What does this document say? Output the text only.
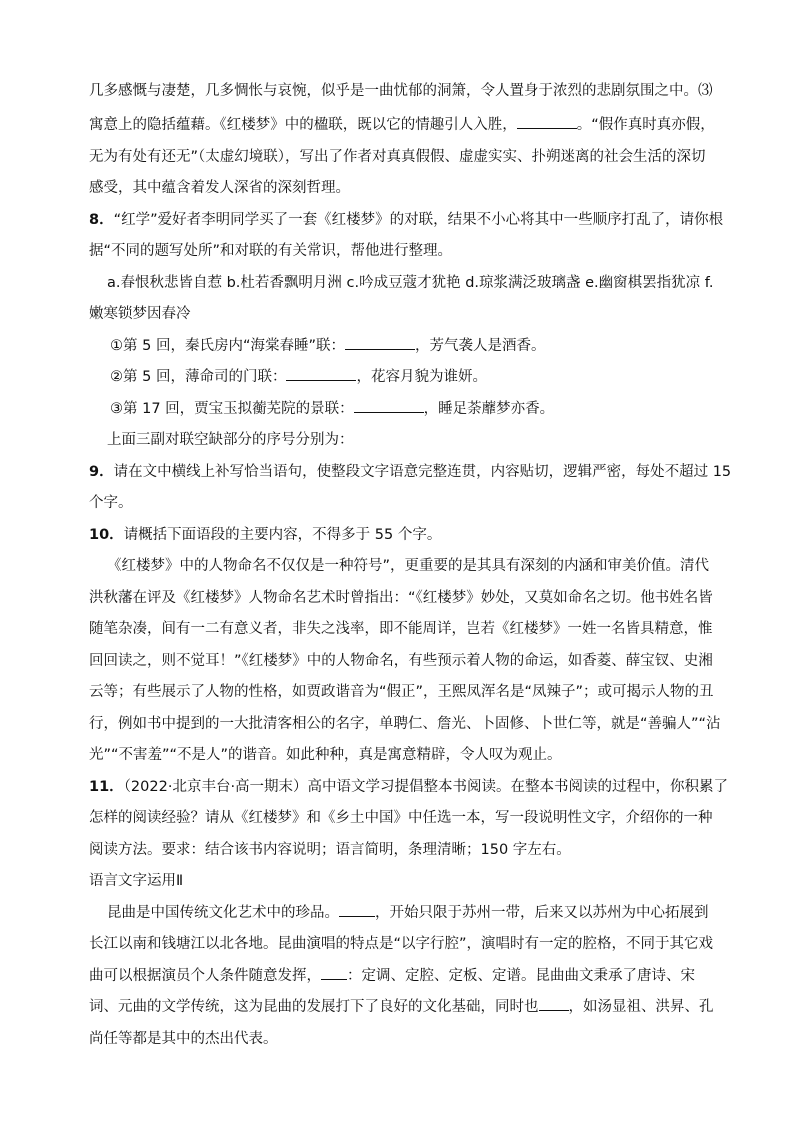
几多感慨与凄楚，几多惆怅与哀惋，似乎是一曲忧郁的洞箫，令人置身于浓烈的悲剧氛围之中。⑶
寓意上的隐括蕴藉。《红楼梦》中的楹联，既以它的情趣引人入胜，	。“假作真时真亦假，
无为有处有还无”（太虚幻境联），写出了作者对真真假假、虚虚实实、扑朔迷离的社会生活的深切
感受，其中蕴含着发人深省的深刻哲理。
8．“红学”爱好者李明同学买了一套《红楼梦》的对联，结果不小心将其中一些顺序打乱了，请你根
据“不同的题写处所”和对联的有关常识，帮他进行整理。
a.春恨秋悲皆自惹 b.杜若香飘明月洲 c.吟成豆蔻才犹艳 d.琼浆满泛玻璃盏 e.幽窗棋罢指犹凉 f.
嫩寒锁梦因春冷
①第 5 回，秦氏房内“海棠春睡”联：	，芳气袭人是酒香。
②第 5 回，薄命司的门联：	，花容月貌为谁妍。
③第 17 回，贾宝玉拟蘅芜院的景联：	，睡足荼蘼梦亦香。
上面三副对联空缺部分的序号分别为：
9．请在文中横线上补写恰当语句，使整段文字语意完整连贯，内容贴切，逻辑严密，每处不超过 15
个字。
10．请概括下面语段的主要内容，不得多于 55 个字。
《红楼梦》中的人物命名不仅仅是一种符号”，更重要的是其具有深刻的内涵和审美价值。清代
洪秋藩在评及《红楼梦》人物命名艺术时曾指出：“《红楼梦》妙处，又莫如命名之切。他书姓名皆
随笔杂凑，间有一二有意义者，非失之浅率，即不能周详，岂若《红楼梦》一姓一名皆具精意，惟
回回读之，则不觉耳！”《红楼梦》中的人物命名，有些预示着人物的命运，如香菱、薛宝钗、史湘
云等；有些展示了人物的性格，如贾政谐音为“假正”，王熙凤浑名是“凤辣子”；或可揭示人物的丑
行，例如书中提到的一大批清客相公的名字，单聘仁、詹光、卜固修、卜世仁等，就是“善骗人”“沾
光”“不害羞”“不是人”的谐音。如此种种，真是寓意精辟，令人叹为观止。
11．（2022·北京丰台·高一期末）高中语文学习提倡整本书阅读。在整本书阅读的过程中，你积累了
怎样的阅读经验？请从《红楼梦》和《乡土中国》中任选一本，写一段说明性文字，介绍你的一种
阅读方法。要求：结合该书内容说明；语言简明，条理清晰；150 字左右。
语言文字运用Ⅱ
昆曲是中国传统文化艺术中的珍品。 ，开始只限于苏州一带，后来又以苏州为中心拓展到
长江以南和钱塘江以北各地。昆曲演唱的特点是“以字行腔”，演唱时有一定的腔格，不同于其它戏
曲可以根据演员个人条件随意发挥， ：定调、定腔、定板、定谱。昆曲曲文秉承了唐诗、宋
词、元曲的文学传统，这为昆曲的发展打下了良好的文化基础，同时也 ，如汤显祖、洪昇、孔
尚任等都是其中的杰出代表。
